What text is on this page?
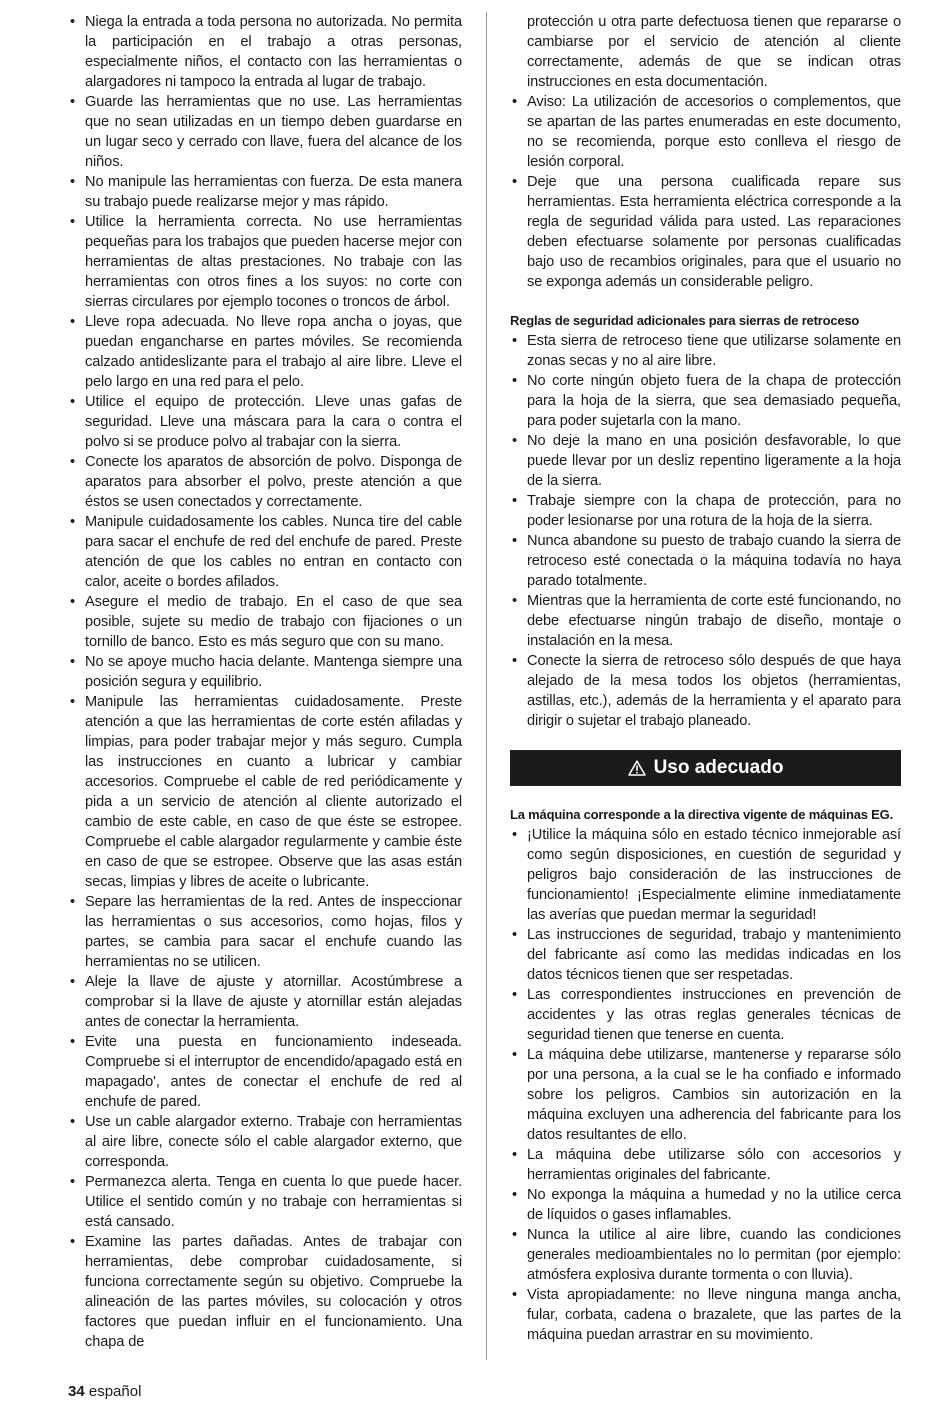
• Niega la entrada a toda persona no autorizada. No permita la participación en el trabajo a otras personas, especialmente niños, el contacto con las herramientas o alargadores ni tampoco la entrada al lugar de trabajo.
• Guarde las herramientas que no use. Las herramientas que no sean utilizadas en un tiempo deben guardarse en un lugar seco y cerrado con llave, fuera del alcance de los niños.
• No manipule las herramientas con fuerza. De esta manera su trabajo puede realizarse mejor y mas rápido.
• Utilice la herramienta correcta. No use herramientas pequeñas para los trabajos que pueden hacerse mejor con herramientas de altas prestaciones. No trabaje con las herramientas con otros fines a los suyos: no corte con sierras circulares por ejemplo tocones o troncos de árbol.
• Lleve ropa adecuada. No lleve ropa ancha o joyas, que puedan engancharse en partes móviles. Se recomienda calzado antideslizante para el trabajo al aire libre. Lleve el pelo largo en una red para el pelo.
• Utilice el equipo de protección. Lleve unas gafas de seguridad. Lleve una máscara para la cara o contra el polvo si se produce polvo al trabajar con la sierra.
• Conecte los aparatos de absorción de polvo. Disponga de aparatos para absorber el polvo, preste atención a que éstos se usen conectados y correctamente.
• Manipule cuidadosamente los cables. Nunca tire del cable para sacar el enchufe de red del enchufe de pared. Preste atención de que los cables no entran en contacto con calor, aceite o bordes afilados.
• Asegure el medio de trabajo. En el caso de que sea posible, sujete su medio de trabajo con fijaciones o un tornillo de banco. Esto es más seguro que con su mano.
• No se apoye mucho hacia delante. Mantenga siempre una posición segura y equilibrio.
• Manipule las herramientas cuidadosamente. Preste atención a que las herramientas de corte estén afiladas y limpias, para poder trabajar mejor y más seguro. Cumpla las instrucciones en cuanto a lubricar y cambiar accesorios. Compruebe el cable de red periódicamente y pida a un servicio de atención al cliente autorizado el cambio de este cable, en caso de que éste se estropee. Compruebe el cable alargador regularmente y cambie éste en caso de que se estropee. Observe que las asas están secas, limpias y libres de aceite o lubricante.
• Separe las herramientas de la red. Antes de inspeccionar las herramientas o sus accesorios, como hojas, filos y partes, se cambia para sacar el enchufe cuando las herramientas no se utilicen.
• Aleje la llave de ajuste y atornillar. Acostúmbrese a comprobar si la llave de ajuste y atornillar están alejadas antes de conectar la herramienta.
• Evite una puesta en funcionamiento indeseada. Compruebe si el interruptor de encendido/apagado está en mapagado', antes de conectar el enchufe de red al enchufe de pared.
• Use un cable alargador externo. Trabaje con herramientas al aire libre, conecte sólo el cable alargador externo, que corresponda.
• Permanezca alerta. Tenga en cuenta lo que puede hacer. Utilice el sentido común y no trabaje con herramientas si está cansado.
• Examine las partes dañadas. Antes de trabajar con herramientas, debe comprobar cuidadosamente, si funciona correctamente según su objetivo. Compruebe la alineación de las partes móviles, su colocación y otros factores que puedan influir en el funcionamiento. Una chapa de

protección u otra parte defectuosa tienen que repararse o cambiarse por el servicio de atención al cliente correctamente, además de que se indican otras instrucciones en esta documentación.

• Aviso: La utilización de accesorios o complementos, que se apartan de las partes enumeradas en este documento, no se recomienda, porque esto conlleva el riesgo de lesión corporal.
• Deje que una persona cualificada repare sus herramientas. Esta herramienta eléctrica corresponde a la regla de seguridad válida para usted. Las reparaciones deben efectuarse solamente por personas cualificadas bajo uso de recambios originales, para que el usuario no se exponga además un considerable peligro.
Reglas de seguridad adicionales para sierras de retroceso
• Esta sierra de retroceso tiene que utilizarse solamente en zonas secas y no al aire libre.
• No corte ningún objeto fuera de la chapa de protección para la hoja de la sierra, que sea demasiado pequeña, para poder sujetarla con la mano.
• No deje la mano en una posición desfavorable, lo que puede llevar por un desliz repentino ligeramente a la hoja de la sierra.
• Trabaje siempre con la chapa de protección, para no poder lesionarse por una rotura de la hoja de la sierra.
• Nunca abandone su puesto de trabajo cuando la sierra de retroceso esté conectada o la máquina todavía no haya parado totalmente.
• Mientras que la herramienta de corte esté funcionando, no debe efectuarse ningún trabajo de diseño, montaje o instalación en la mesa.
• Conecte la sierra de retroceso sólo después de que haya alejado de la mesa todos los objetos (herramientas, astillas, etc.), además de la herramienta y el aparato para dirigir o sujetar el trabajo planeado.
Uso adecuado
La máquina corresponde a la directiva vigente de máquinas EG.
• ¡Utilice la máquina sólo en estado técnico inmejorable así como según disposiciones, en cuestión de seguridad y peligros bajo consideración de las instrucciones de funcionamiento! ¡Especialmente elimine inmediatamente las averías que puedan mermar la seguridad!
• Las instrucciones de seguridad, trabajo y mantenimiento del fabricante así como las medidas indicadas en los datos técnicos tienen que ser respetadas.
• Las correspondientes instrucciones en prevención de accidentes y las otras reglas generales técnicas de seguridad tienen que tenerse en cuenta.
• La máquina debe utilizarse, mantenerse y repararse sólo por una persona, a la cual se le ha confiado e informado sobre los peligros. Cambios sin autorización en la máquina excluyen una adherencia del fabricante para los datos resultantes de ello.
• La máquina debe utilizarse sólo con accesorios y herramientas originales del fabricante.
• No exponga la máquina a humedad y no la utilice cerca de líquidos o gases inflamables.
• Nunca la utilice al aire libre, cuando las condiciones generales medioambientales no lo permitan (por ejemplo: atmósfera explosiva durante tormenta o con lluvia).
• Vista apropiadamente: no lleve ninguna manga ancha, fular, corbata, cadena o brazalete, que las partes de la máquina puedan arrastrar en su movimiento.
34 español
